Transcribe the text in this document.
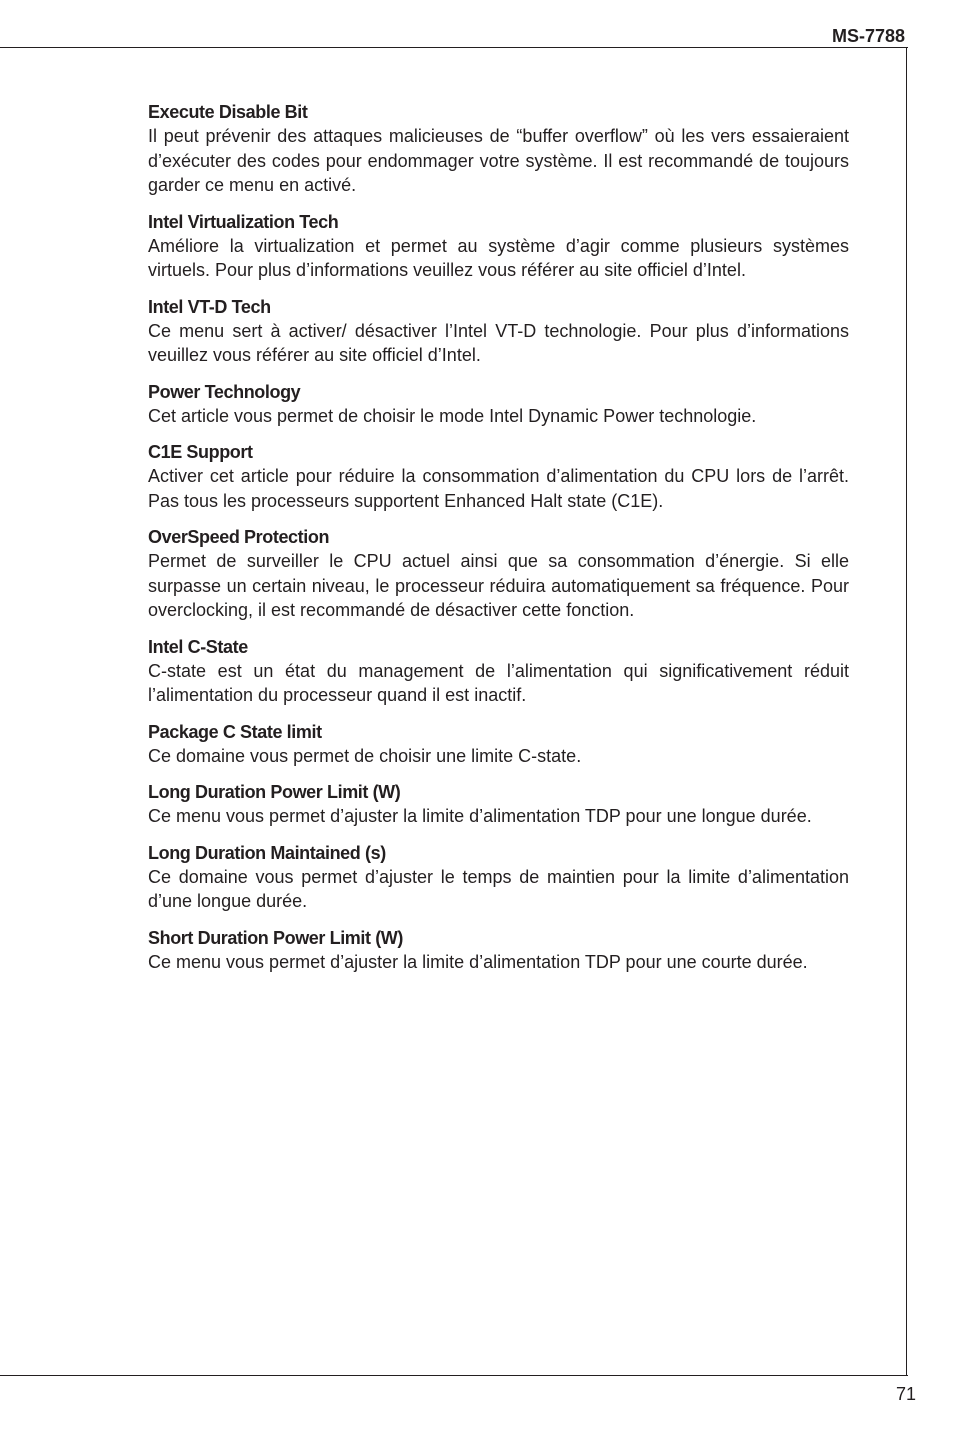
MS-7788
Execute Disable Bit

Il peut prévenir des attaques malicieuses de “buffer overflow” où les vers essaieraient d’exécuter des codes pour endommager votre système. Il est recommandé de toujours garder ce menu en activé.

Intel Virtualization Tech

Améliore la virtualization et permet au système d’agir comme plusieurs systèmes virtuels. Pour plus d’informations veuillez vous référer au site officiel d’Intel.

Intel VT-D Tech

Ce menu sert à activer/ désactiver l’Intel VT-D technologie. Pour plus d’informations veuillez vous référer au site officiel d’Intel.

Power Technology

Cet article vous permet de choisir le mode Intel Dynamic Power technologie.

C1E Support

Activer cet article pour réduire la consommation d’alimentation du CPU lors de l’arrêt. Pas tous les processeurs supportent Enhanced Halt state (C1E).

OverSpeed Protection

Permet de surveiller le CPU actuel ainsi que sa consommation d’énergie. Si elle surpasse un certain niveau, le processeur réduira automatiquement sa fréquence. Pour overclocking, il est recommandé de désactiver cette fonction.

Intel C-State

C-state est un état du management de l’alimentation qui significativement réduit l’alimentation du processeur quand il est inactif.

Package C State limit

Ce domaine vous permet de choisir une limite C-state.

Long Duration Power Limit (W)

Ce menu vous permet d’ajuster la limite d’alimentation TDP pour une longue durée.

Long Duration Maintained (s)

Ce domaine vous permet d’ajuster le temps de maintien pour la limite d’alimentation d’une longue durée.

Short Duration Power Limit (W)

Ce menu vous permet d’ajuster la limite d’alimentation TDP pour une courte durée.

71
